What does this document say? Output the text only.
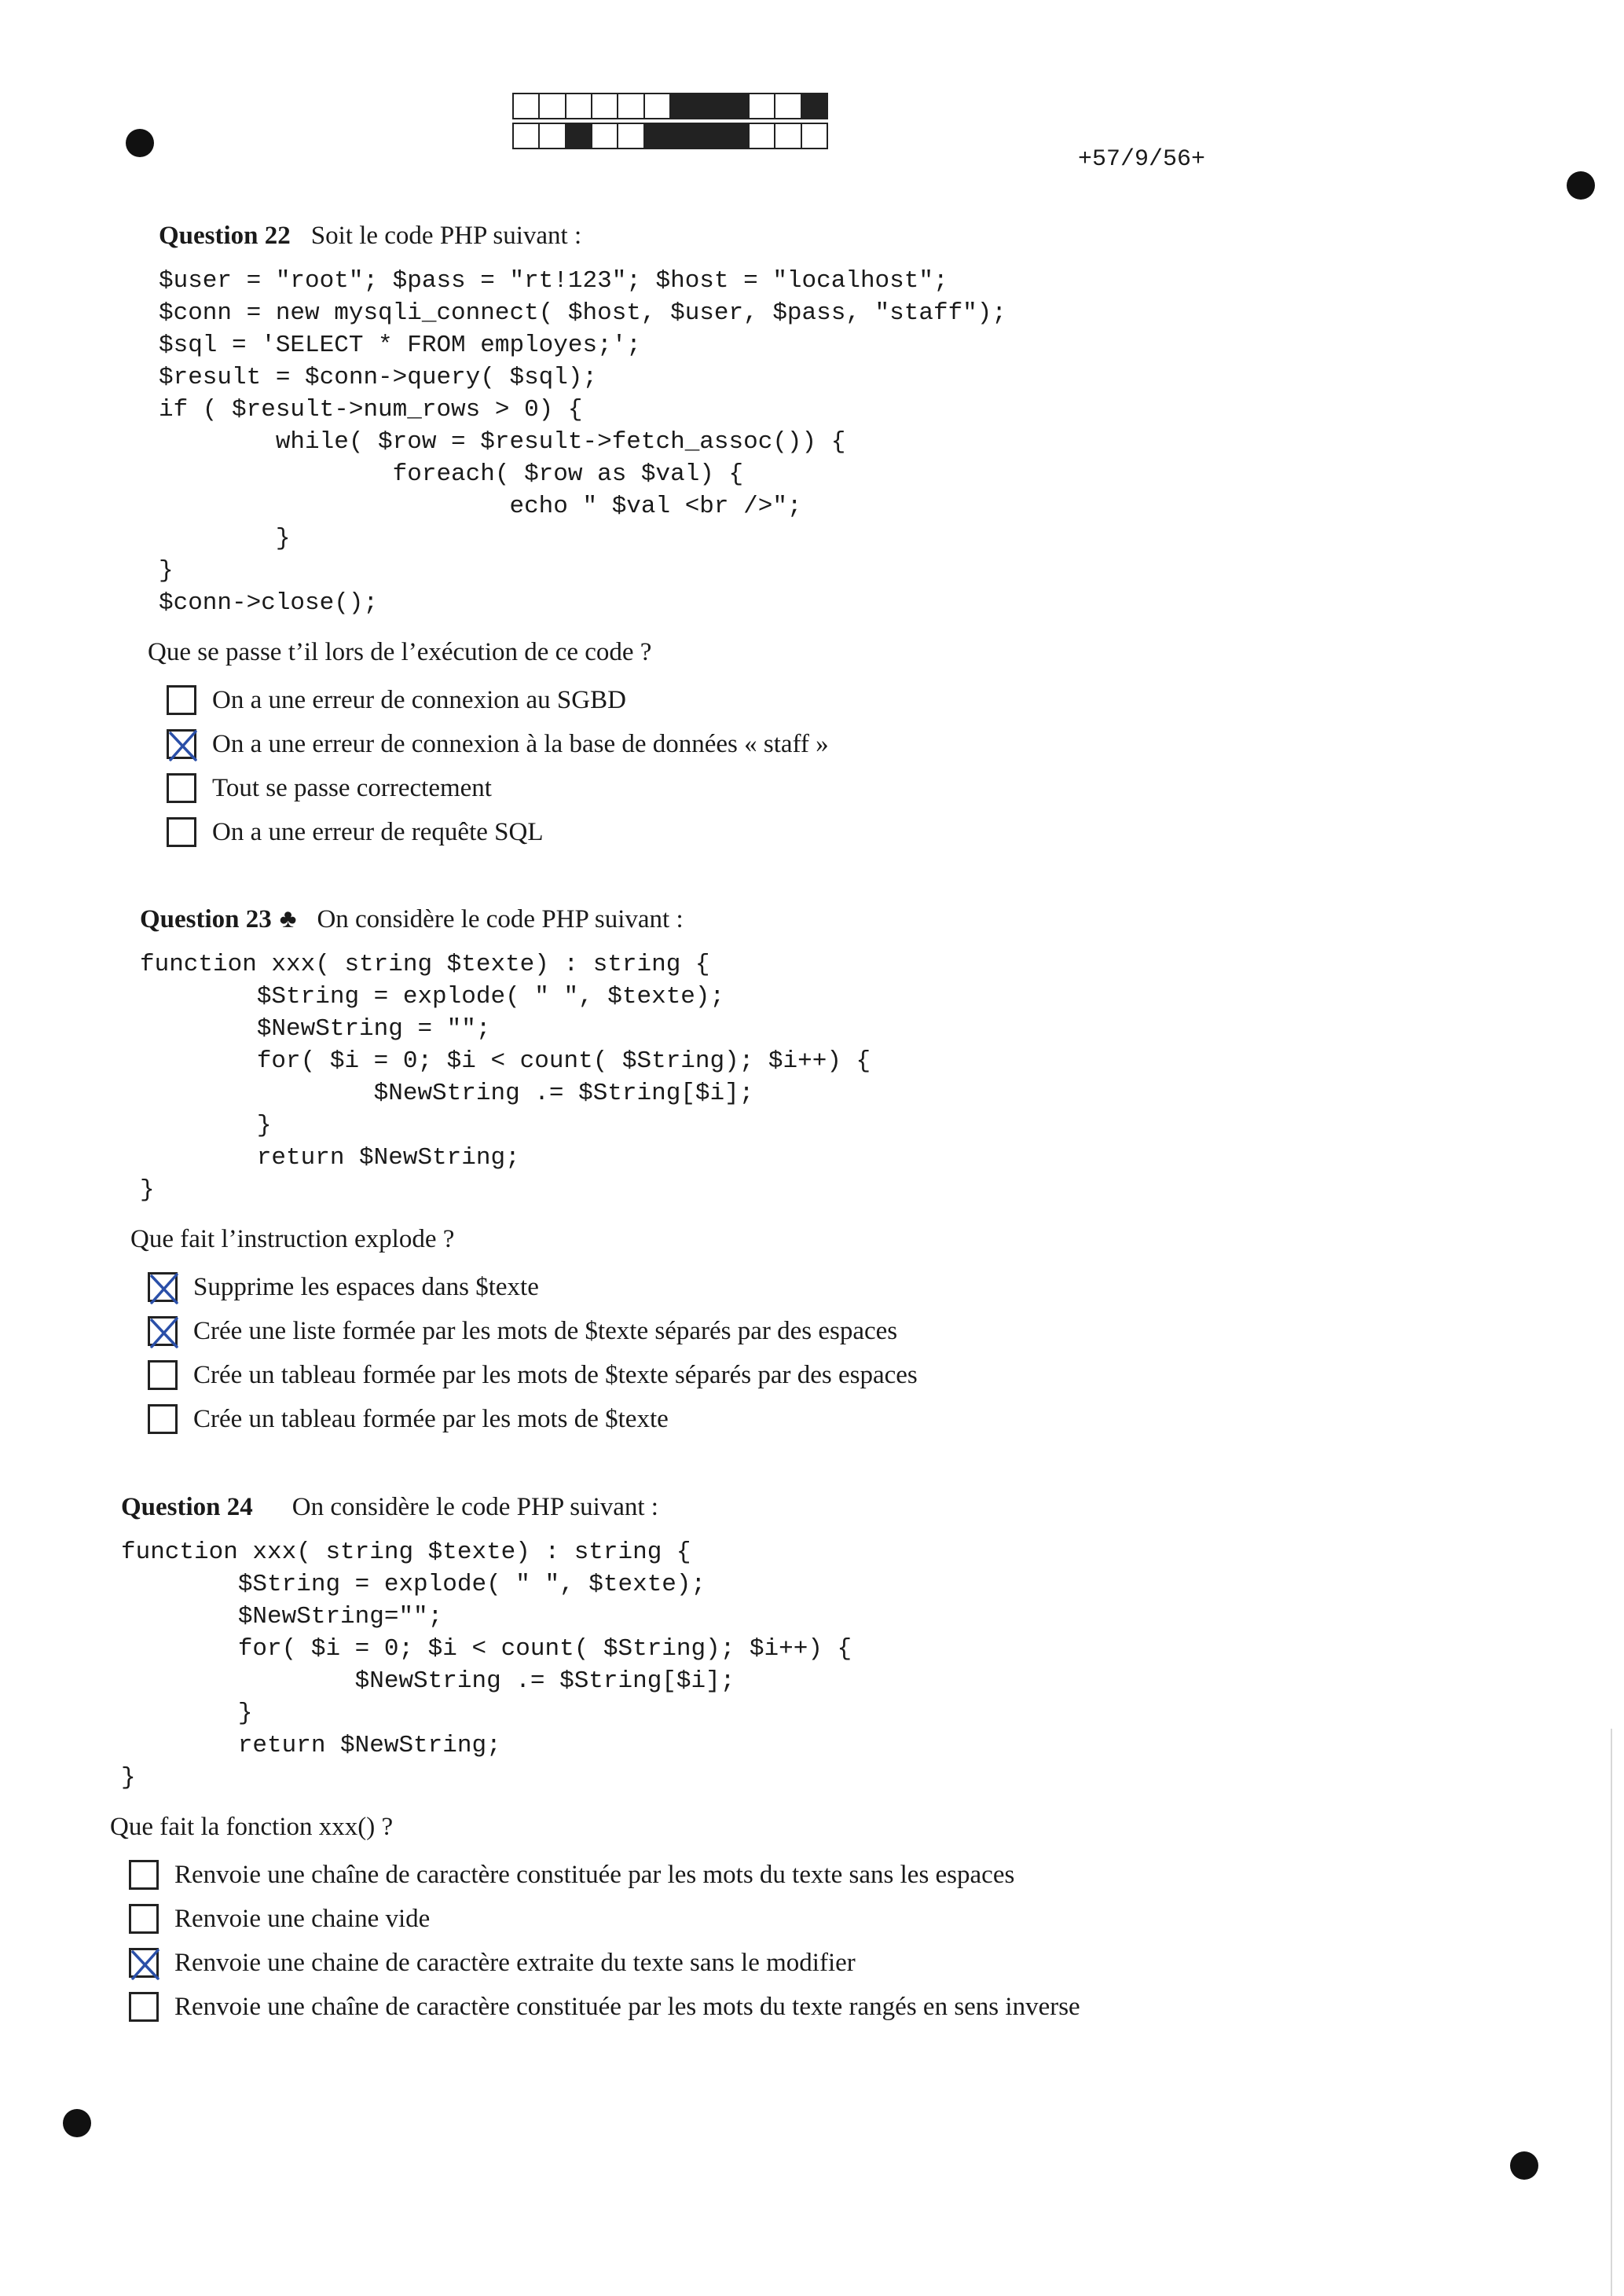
+57/9/56+
Question 22 Soit le code PHP suivant :
$user = "root"; $pass = "rt!123"; $host = "localhost";
$conn = new mysqli_connect( $host, $user, $pass, "staff");
$sql = 'SELECT * FROM employes;';
$result = $conn->query( $sql);
if ( $result->num_rows > 0) {
while( $row = $result->fetch_assoc()) {
foreach( $row as $val) {
echo " $val <br />";
}
}
$conn->close();
Que se passe t’il lors de l’exécution de ce code ?
On a une erreur de connexion au SGBD
On a une erreur de connexion à la base de données « staff »
Tout se passe correctement
On a une erreur de requête SQL
Question 23 ♣ On considère le code PHP suivant :
function xxx( string $texte) : string {
$String = explode( " ", $texte);
$NewString = "";
for( $i = 0; $i < count( $String); $i++) {
$NewString .= $String[$i];
}
return $NewString;
}
Que fait l’instruction explode ?
Supprime les espaces dans $texte
Crée une liste formée par les mots de $texte séparés par des espaces
Crée un tableau formée par les mots de $texte séparés par des espaces
Crée un tableau formée par les mots de $texte
Question 24 On considère le code PHP suivant :
function xxx( string $texte) : string {
$String = explode( " ", $texte);
$NewString="";
for( $i = 0; $i < count( $String); $i++) {
$NewString .= $String[$i];
}
return $NewString;
}
Que fait la fonction xxx() ?
Renvoie une chaîne de caractère constituée par les mots du texte sans les espaces
Renvoie une chaine vide
Renvoie une chaine de caractère extraite du texte sans le modifier
Renvoie une chaîne de caractère constituée par les mots du texte rangés en sens inverse
